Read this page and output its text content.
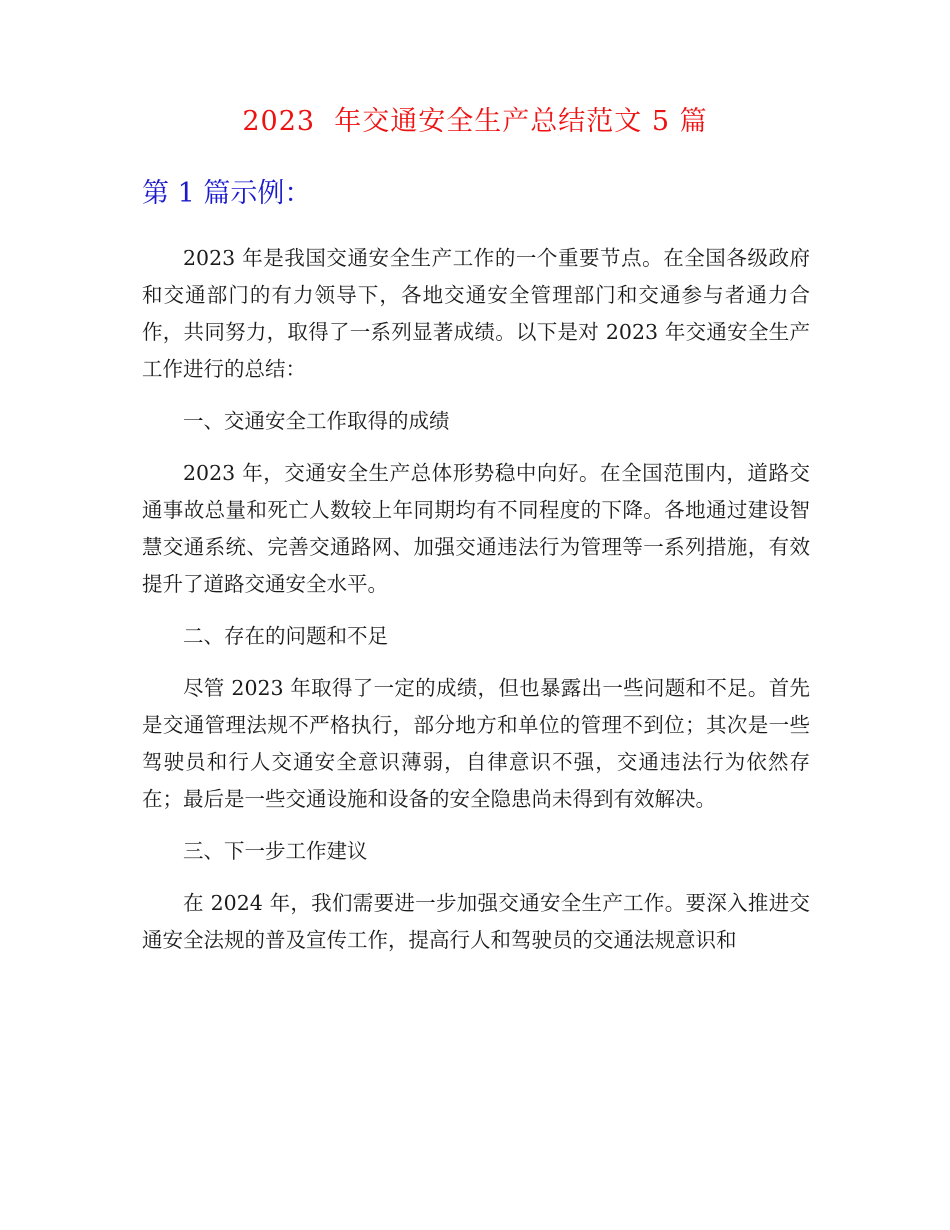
2023  年交通安全生产总结范文 5 篇
第 1 篇示例：

2023 年是我国交通安全生产工作的一个重要节点。在全国各级政府和交通部门的有力领导下，各地交通安全管理部门和交通参与者通力合作，共同努力，取得了一系列显著成绩。以下是对 2023 年交通安全生产工作进行的总结：

一、交通安全工作取得的成绩

2023 年，交通安全生产总体形势稳中向好。在全国范围内，道路交通事故总量和死亡人数较上年同期均有不同程度的下降。各地通过建设智慧交通系统、完善交通路网、加强交通违法行为管理等一系列措施，有效提升了道路交通安全水平。

二、存在的问题和不足

尽管 2023 年取得了一定的成绩，但也暴露出一些问题和不足。首先是交通管理法规不严格执行，部分地方和单位的管理不到位；其次是一些驾驶员和行人交通安全意识薄弱，自律意识不强，交通违法行为依然存在；最后是一些交通设施和设备的安全隐患尚未得到有效解决。

三、下一步工作建议

在 2024 年，我们需要进一步加强交通安全生产工作。要深入推进交通安全法规的普及宣传工作，提高行人和驾驶员的交通法规意识和
